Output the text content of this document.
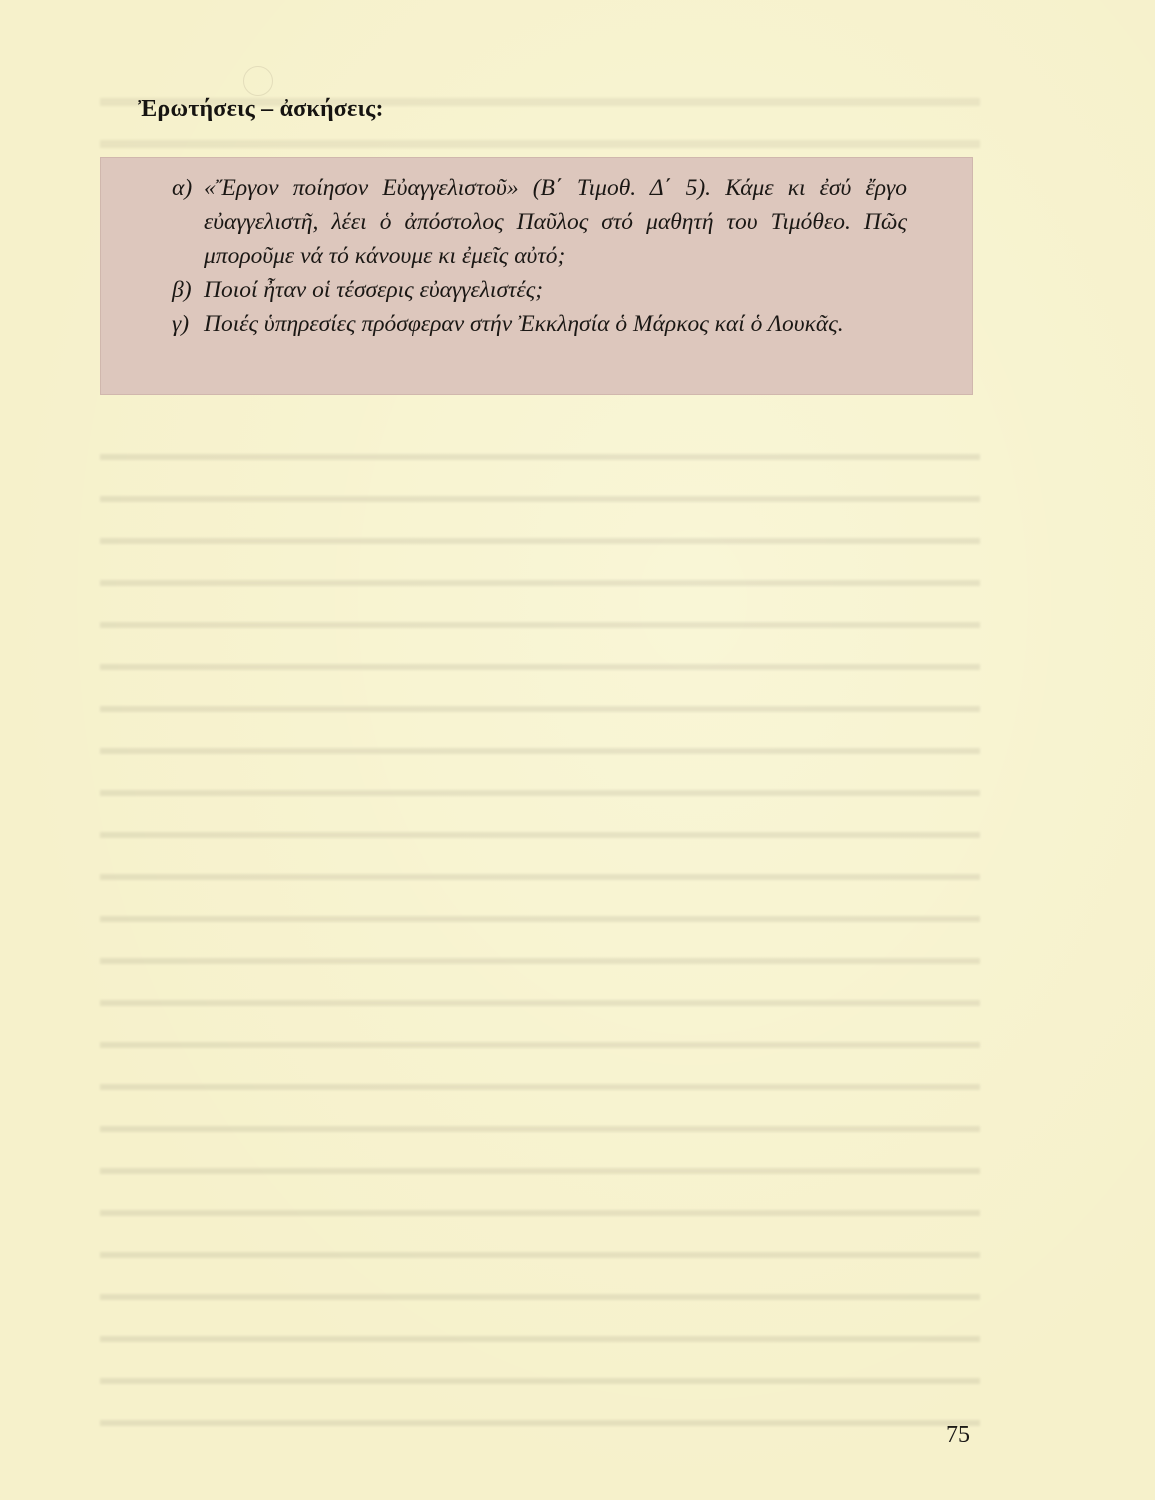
Ἐρωτήσεις – ἀσκήσεις:
α) «Ἔργον ποίησον Εὐαγγελιστοῦ» (Β΄ Τιμοθ. Δ΄ 5). Κάμε κι ἐσύ ἔργο εὐαγγελιστῆ, λέει ὁ ἀπόστολος Παῦλος στό μαθητή του Τιμόθεο. Πῶς μποροῦμε νά τό κάνουμε κι ἐμεῖς αὐτό;
β) Ποιοί ἦταν οἱ τέσσερις εὐαγγελιστές;
γ) Ποιές ὑπηρεσίες πρόσφεραν στήν Ἐκκλησία ὁ Μάρκος καί ὁ Λουκᾶς.
75
